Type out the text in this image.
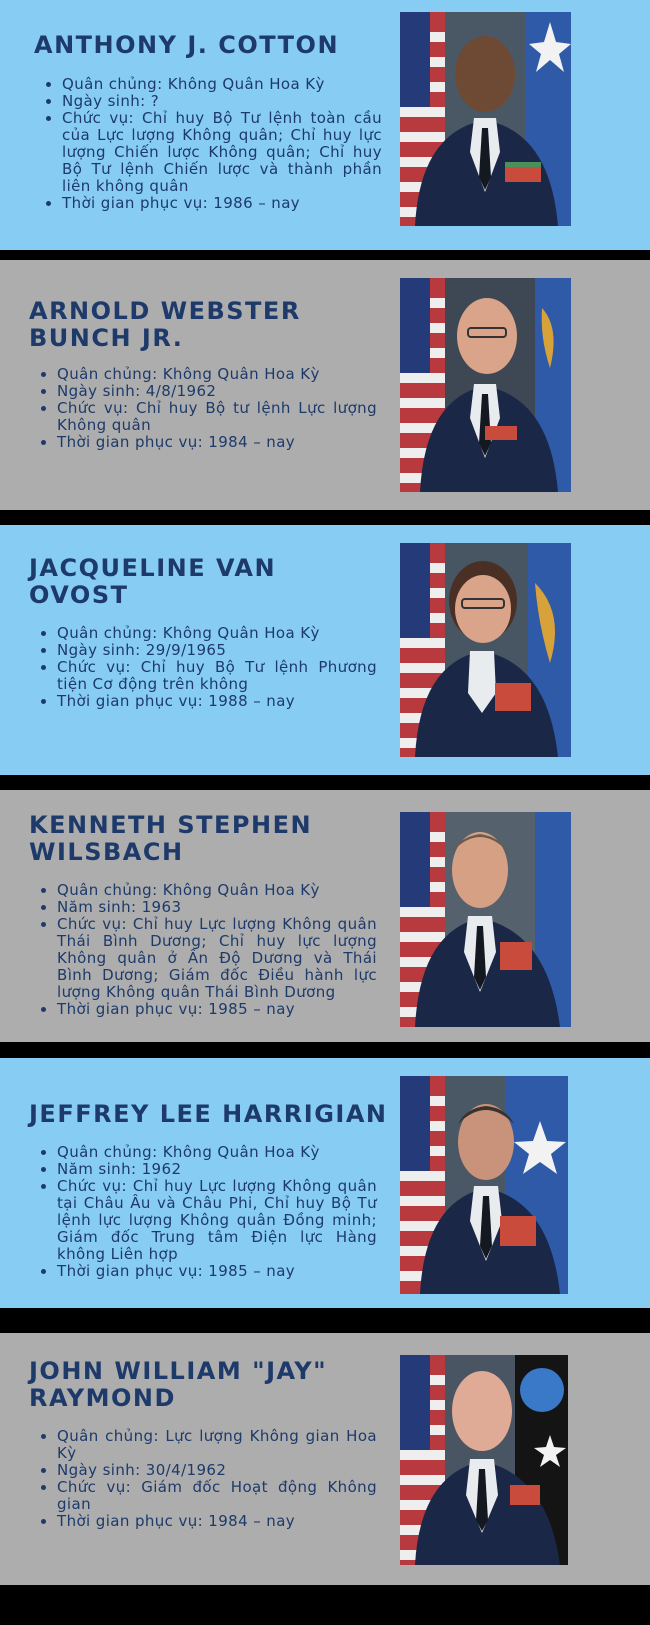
ANTHONY J. COTTON
• Quân chủng: Không Quân Hoa Kỳ
• Ngày sinh: ?
• Chức vụ: Chỉ huy Bộ Tư lệnh toàn cầu của Lực lượng Không quân; Chỉ huy lực lượng Chiến lược Không quân; Chỉ huy Bộ Tư lệnh Chiến lược và thành phần liên không quân
• Thời gian phục vụ: 1986 – nay
ARNOLD WEBSTER
BUNCH JR.
• Quân chủng: Không Quân Hoa Kỳ
• Ngày sinh: 4/8/1962
• Chức vụ: Chỉ huy Bộ tư lệnh Lực lượng Không quân
• Thời gian phục vụ: 1984 – nay
JACQUELINE VAN
OVOST
• Quân chủng: Không Quân Hoa Kỳ
• Ngày sinh: 29/9/1965
• Chức vụ: Chỉ huy Bộ Tư lệnh Phương tiện Cơ động trên không
• Thời gian phục vụ: 1988 – nay
KENNETH STEPHEN
WILSBACH
• Quân chủng: Không Quân Hoa Kỳ
• Năm sinh: 1963
• Chức vụ: Chỉ huy Lực lượng Không quân Thái Bình Dương; Chỉ huy lực lượng Không quân ở Ấn Độ Dương và Thái Bình Dương; Giám đốc Điều hành lực lượng Không quân Thái Bình Dương
• Thời gian phục vụ: 1985 – nay
JEFFREY LEE HARRIGIAN
• Quân chủng: Không Quân Hoa Kỳ
• Năm sinh: 1962
• Chức vụ: Chỉ huy Lực lượng Không quân tại Châu Âu và Châu Phi, Chỉ huy Bộ Tư lệnh lực lượng Không quân Đồng minh; Giám đốc Trung tâm Điện lực Hàng không Liên hợp
• Thời gian phục vụ: 1985 – nay
JOHN WILLIAM "JAY"
RAYMOND
• Quân chủng: Lực lượng Không gian Hoa Kỳ
• Ngày sinh: 30/4/1962
• Chức vụ: Giám đốc Hoạt động Không gian
• Thời gian phục vụ: 1984 – nay
